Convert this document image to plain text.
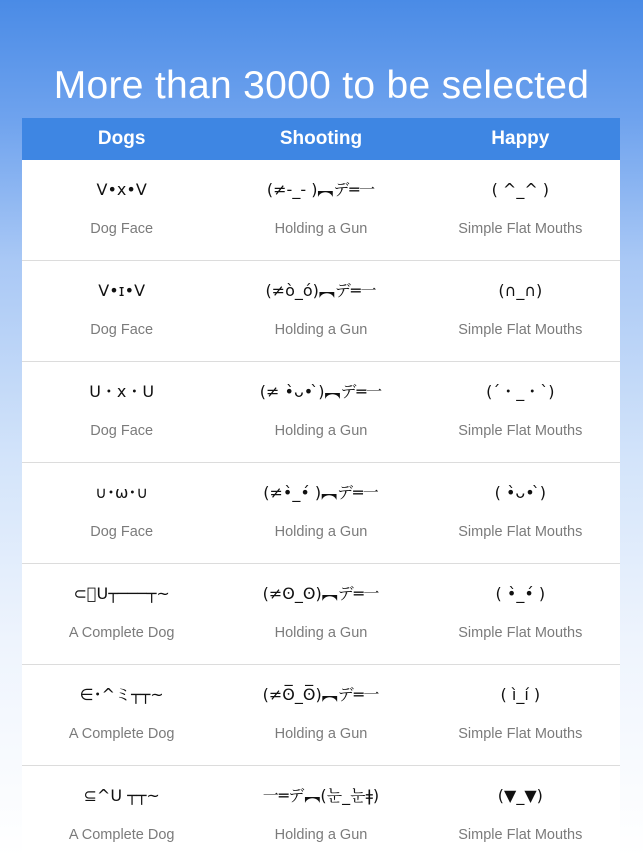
More than 3000 to be selected
Dogs	Shooting	Happy
V•x•V
Dog Face
(≠-_- )︻デ═一
Holding a Gun
( ^_^ )
Simple Flat Mouths
V•ɪ•V
Dog Face
(≠ò_ó)︻デ═一
Holding a Gun
(∩_∩)
Simple Flat Mouths
U・x・U
Dog Face
(≠ •̀ᴗ• ̀)︻デ═一
Holding a Gun
(´・_・`)
Simple Flat Mouths
∪･ω･∪
Dog Face
(≠•̀_•́ )︻デ═一
Holding a Gun
( •̀ᴗ• ̀)
Simple Flat Mouths
⊂ﾟU┬───┬~
A Complete Dog
(≠ʘ_ʘ)︻デ═一
Holding a Gun
( •̀_•́ )
Simple Flat Mouths
∈･^ミ┬┬~
A Complete Dog
(≠ʘ̅_ʘ̅)︻デ═一
Holding a Gun
( ì_í )
Simple Flat Mouths
⊆^U ┬┬~
A Complete Dog
一═デ︻(눈_눈ǂ)
Holding a Gun
(▼_▼)
Simple Flat Mouths
